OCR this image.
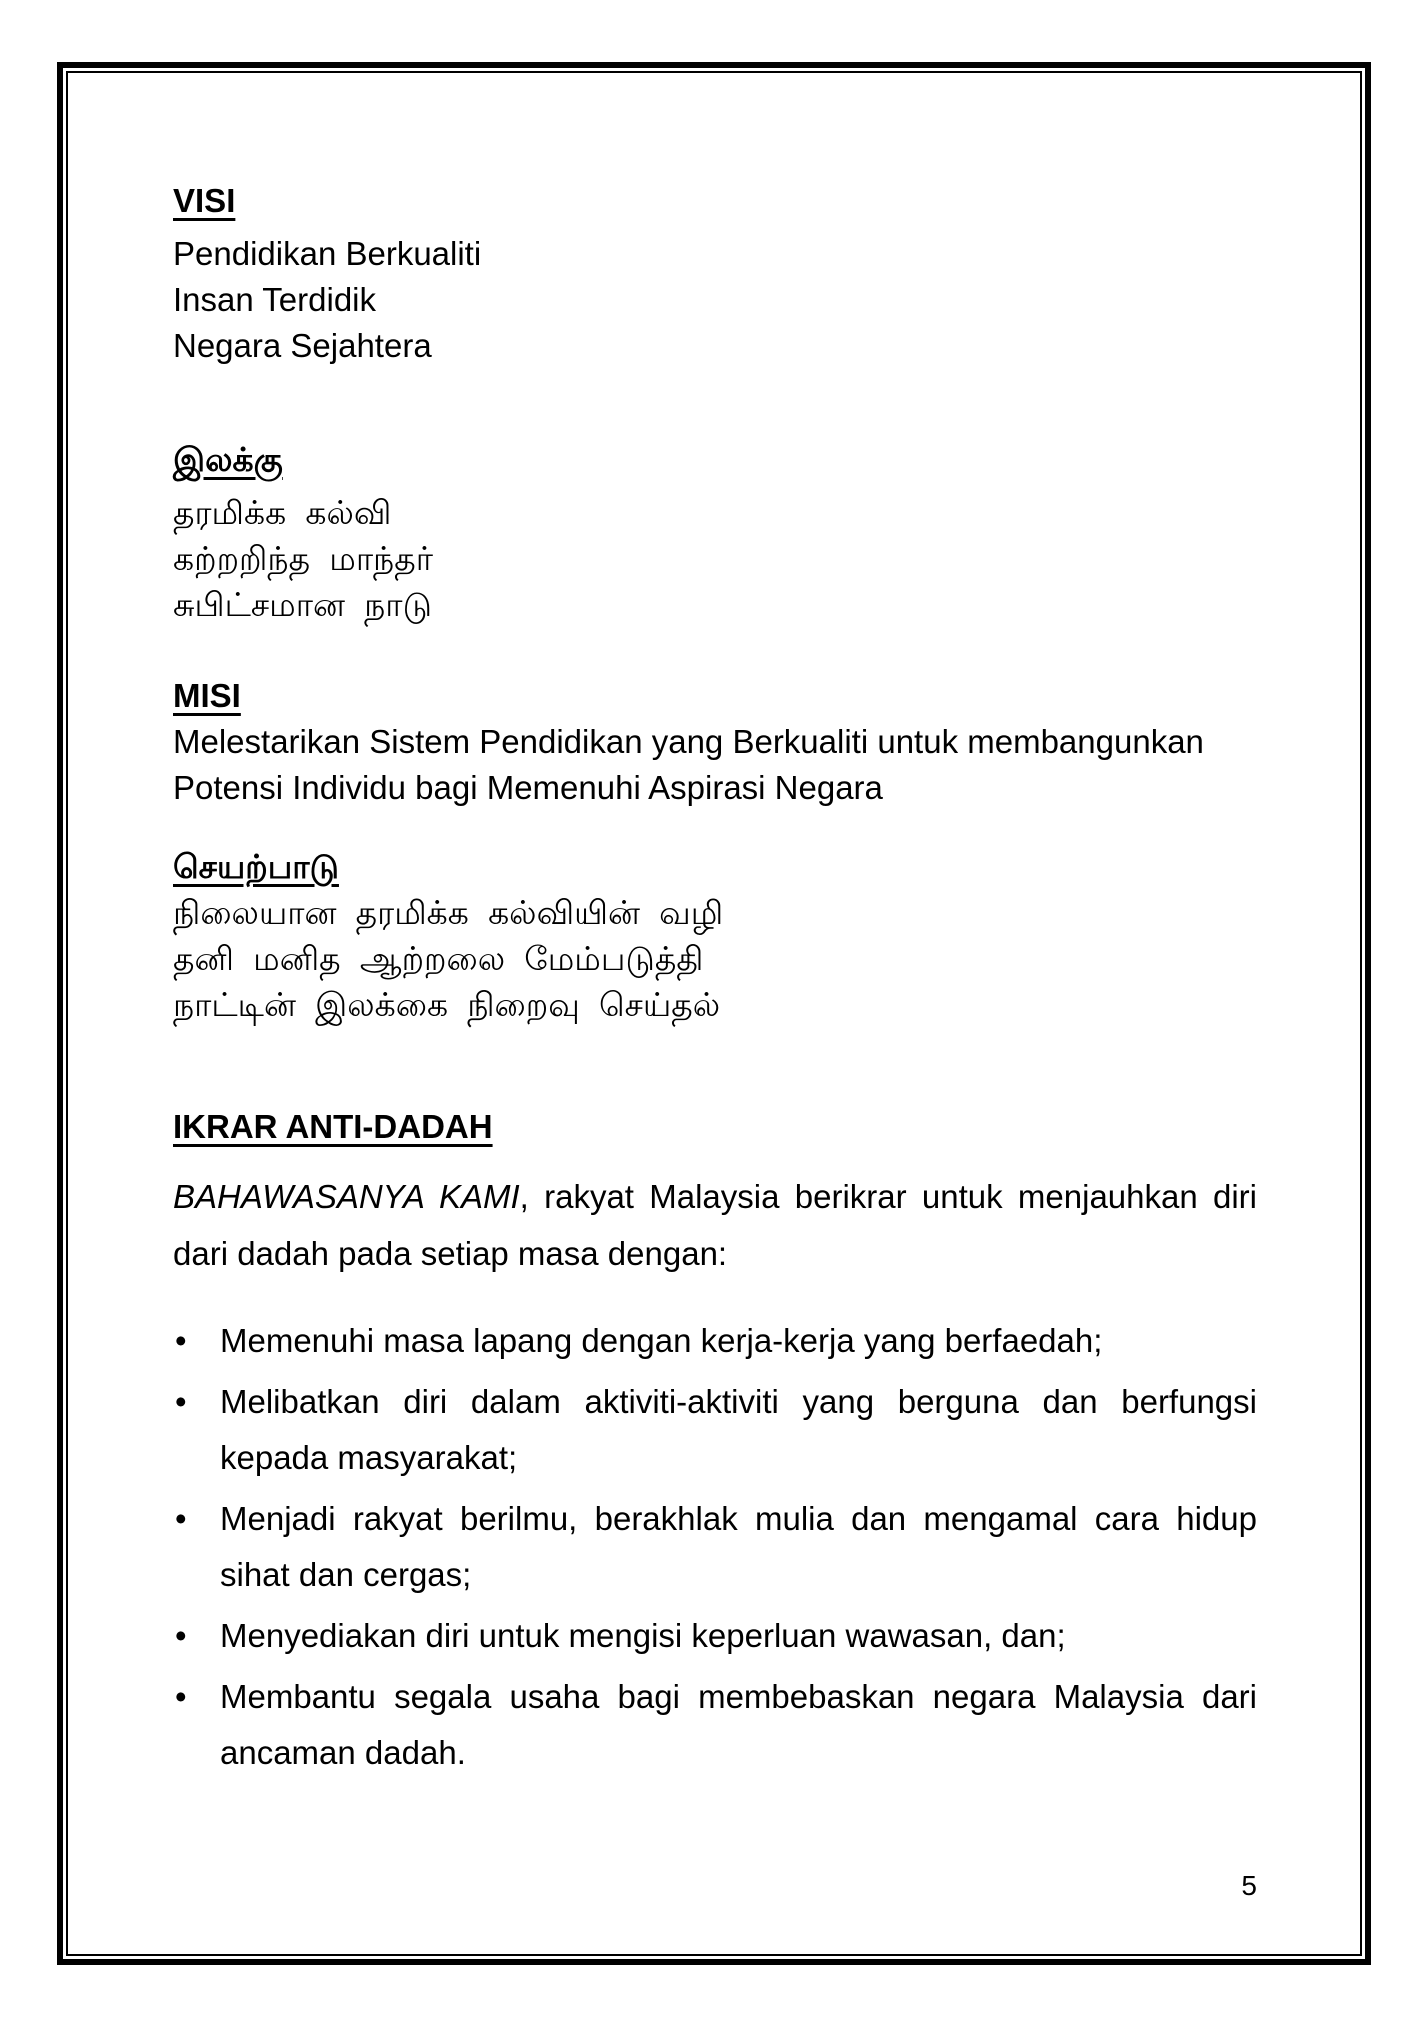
VISI
Pendidikan Berkualiti
Insan Terdidik
Negara Sejahtera
இலக்கு
தரமிக்க கல்வி
கற்றறிந்த மாந்தர்
சுபிட்சமான நாடு
MISI
Melestarikan Sistem Pendidikan yang Berkualiti untuk membangunkan
Potensi Individu bagi Memenuhi Aspirasi Negara
செயற்பாடு
நிலையான தரமிக்க கல்வியின் வழி
தனி மனித ஆற்றலை மேம்படுத்தி
நாட்டின் இலக்கை நிறைவு செய்தல்
IKRAR ANTI-DADAH
BAHAWASANYA KAMI, rakyat Malaysia berikrar untuk menjauhkan diri
dari dadah pada setiap masa dengan:
•
Memenuhi masa lapang dengan kerja-kerja yang berfaedah;
•
Melibatkan diri dalam aktiviti-aktiviti yang berguna dan berfungsi
kepada masyarakat;
•
Menjadi rakyat berilmu, berakhlak mulia dan mengamal cara hidup
sihat dan cergas;
•
Menyediakan diri untuk mengisi keperluan wawasan, dan;
•
Membantu segala usaha bagi membebaskan negara Malaysia dari
ancaman dadah.
5
